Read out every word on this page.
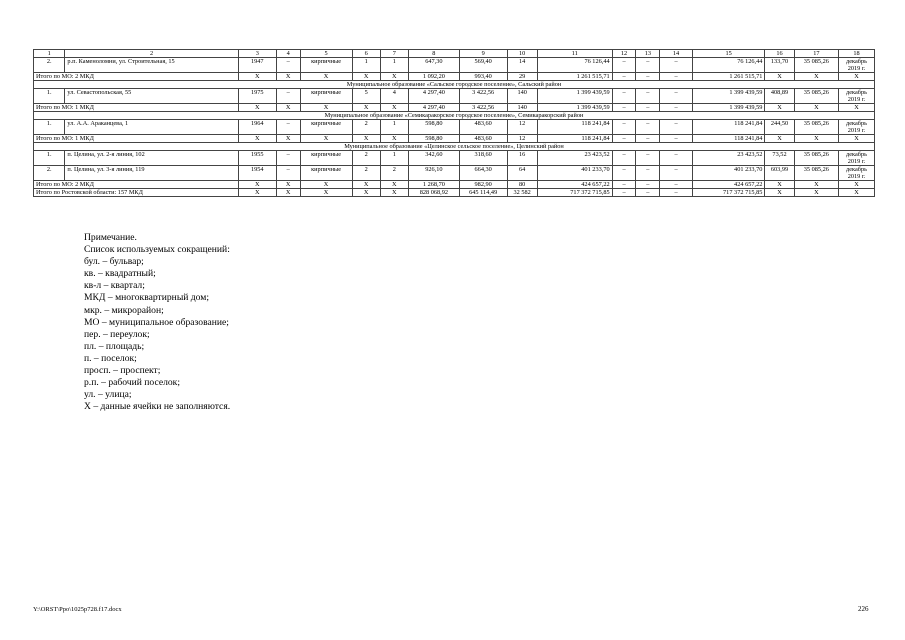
1	2	3	4	5	6	7	8	9	10	11	12	13	14	15	16	17	18
2.	р.п. Каменоломни, ул. Строительная, 15	1947	–	кирпичные	1	1	647,30	569,40	14	76 126,44	–	–	–	76 126,44	133,70	35 085,26	декабрь 2019 г.
Итого по МО: 2 МКД		Х	Х	Х	Х	Х	1 092,20	993,40	29	1 261 515,71	–	–	–	1 261 515,71	Х	Х	Х
Муниципальное образование «Сальское городское поселение», Сальский район																	
1.	ул. Севастопольская, 55	1975	–	кирпичные	5	4	4 297,40	3 422,56	140	1 399 439,59	–	–	–	1 399 439,59	408,89	35 085,26	декабрь 2019 г.
Итого по МО: 1 МКД		Х	Х	Х	Х	Х	4 297,40	3 422,56	140	1 399 439,59	–	–	–	1 399 439,59	Х	Х	Х
Муниципальное образование «Семикаракорское городское поселение», Семикаракорский район																	
1.	ул. А.А. Араканцева, 1	1964	–	кирпичные	2	1	598,80	483,60	12	118 241,84	–	–	–	118 241,84	244,50	35 085,26	декабрь 2019 г.
Итого по МО: 1 МКД		Х	Х	Х	Х	Х	598,80	483,60	12	118 241,84	–	–	–	118 241,84	Х	Х	Х
Муниципальное образование «Целинское сельское поселение», Целинский район																	
1.	п. Целина, ул. 2-я линия, 102	1955	–	кирпичные	2	1	342,60	318,60	16	23 423,52	–	–	–	23 423,52	73,52	35 085,26	декабрь 2019 г.
2.	п. Целина, ул. 3-я линия, 119	1954	–	кирпичные	2	2	926,10	664,30	64	401 233,70	–	–	–	401 233,70	603,99	35 085,26	декабрь 2019 г.
Итого по МО: 2 МКД		Х	Х	Х	Х	Х	1 268,70	982,90	80	424 657,22	–	–	–	424 657,22	Х	Х	Х
Итого по Ростовской области: 157 МКД		Х	Х	Х	Х	Х	828 068,92	645 114,49	32 582	717 372 715,85	–	–	–	717 372 715,85	Х	Х	Х
Примечание.
Список используемых сокращений:
бул. – бульвар;
кв. – квадратный;
кв-л – квартал;
МКД – многоквартирный дом;
мкр. – микрорайон;
МО – муниципальное образование;
пер. – переулок;
пл. – площадь;
п. – поселок;
просп. – проспект;
р.п. – рабочий поселок;
ул. – улица;
Х – данные ячейки не заполняются.
Y:\ORST\Ppo\1025p728.f17.docx	226
